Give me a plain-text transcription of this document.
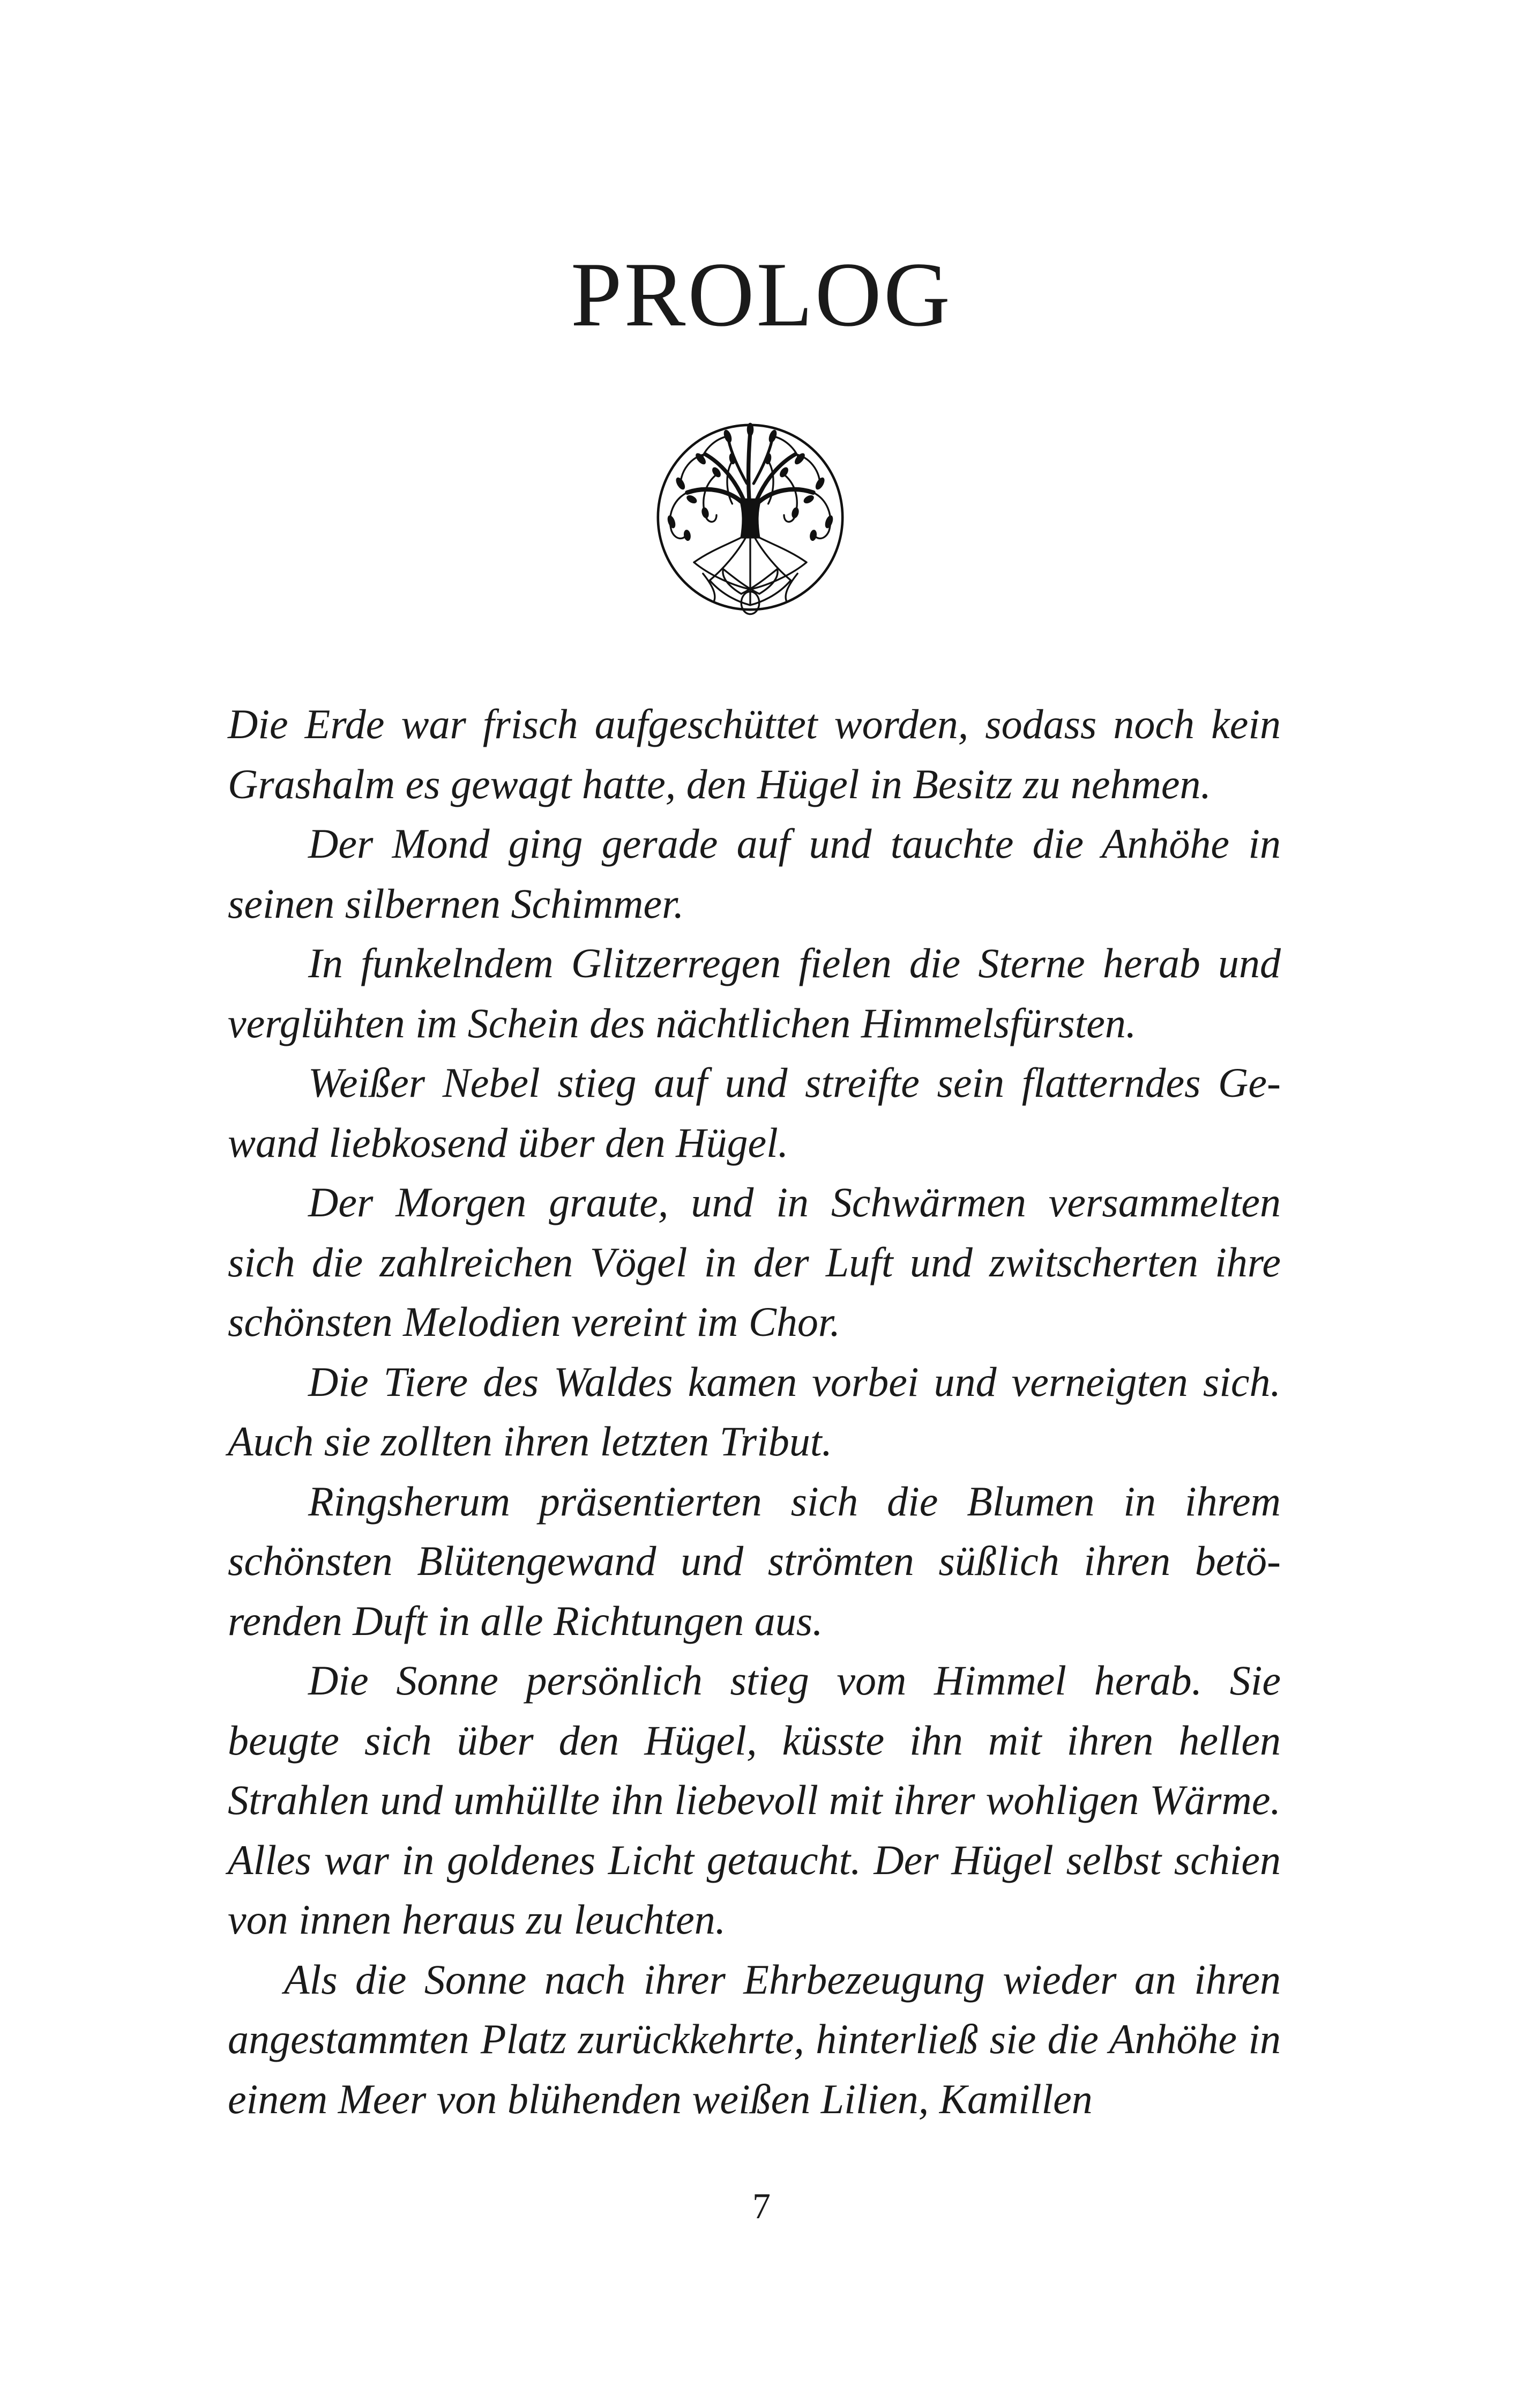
PROLOG

Die Erde war frisch aufgeschüttet worden, sodass noch kein Grashalm es gewagt hatte, den Hügel in Besitz zu nehmen.

Der Mond ging gerade auf und tauchte die Anhöhe in seinen silbernen Schimmer.

In funkelndem Glitzerregen fielen die Sterne herab und verglühten im Schein des nächtlichen Himmelsfürsten.

Weißer Nebel stieg auf und streifte sein flatterndes Gewand liebkosend über den Hügel.

Der Morgen graute, und in Schwärmen versammelten sich die zahlreichen Vögel in der Luft und zwitscherten ihre schönsten Melodien vereint im Chor.

Die Tiere des Waldes kamen vorbei und verneigten sich. Auch sie zollten ihren letzten Tribut.

Ringsherum präsentierten sich die Blumen in ihrem schönsten Blütengewand und strömten süßlich ihren betörenden Duft in alle Richtungen aus.

Die Sonne persönlich stieg vom Himmel herab. Sie beugte sich über den Hügel, küsste ihn mit ihren hellen Strahlen und umhüllte ihn liebevoll mit ihrer wohligen Wärme. Alles war in goldenes Licht getaucht. Der Hügel selbst schien von innen heraus zu leuchten.

Als die Sonne nach ihrer Ehrbezeugung wieder an ihren angestammten Platz zurückkehrte, hinterließ sie die Anhöhe in einem Meer von blühenden weißen Lilien, Kamillen

7
